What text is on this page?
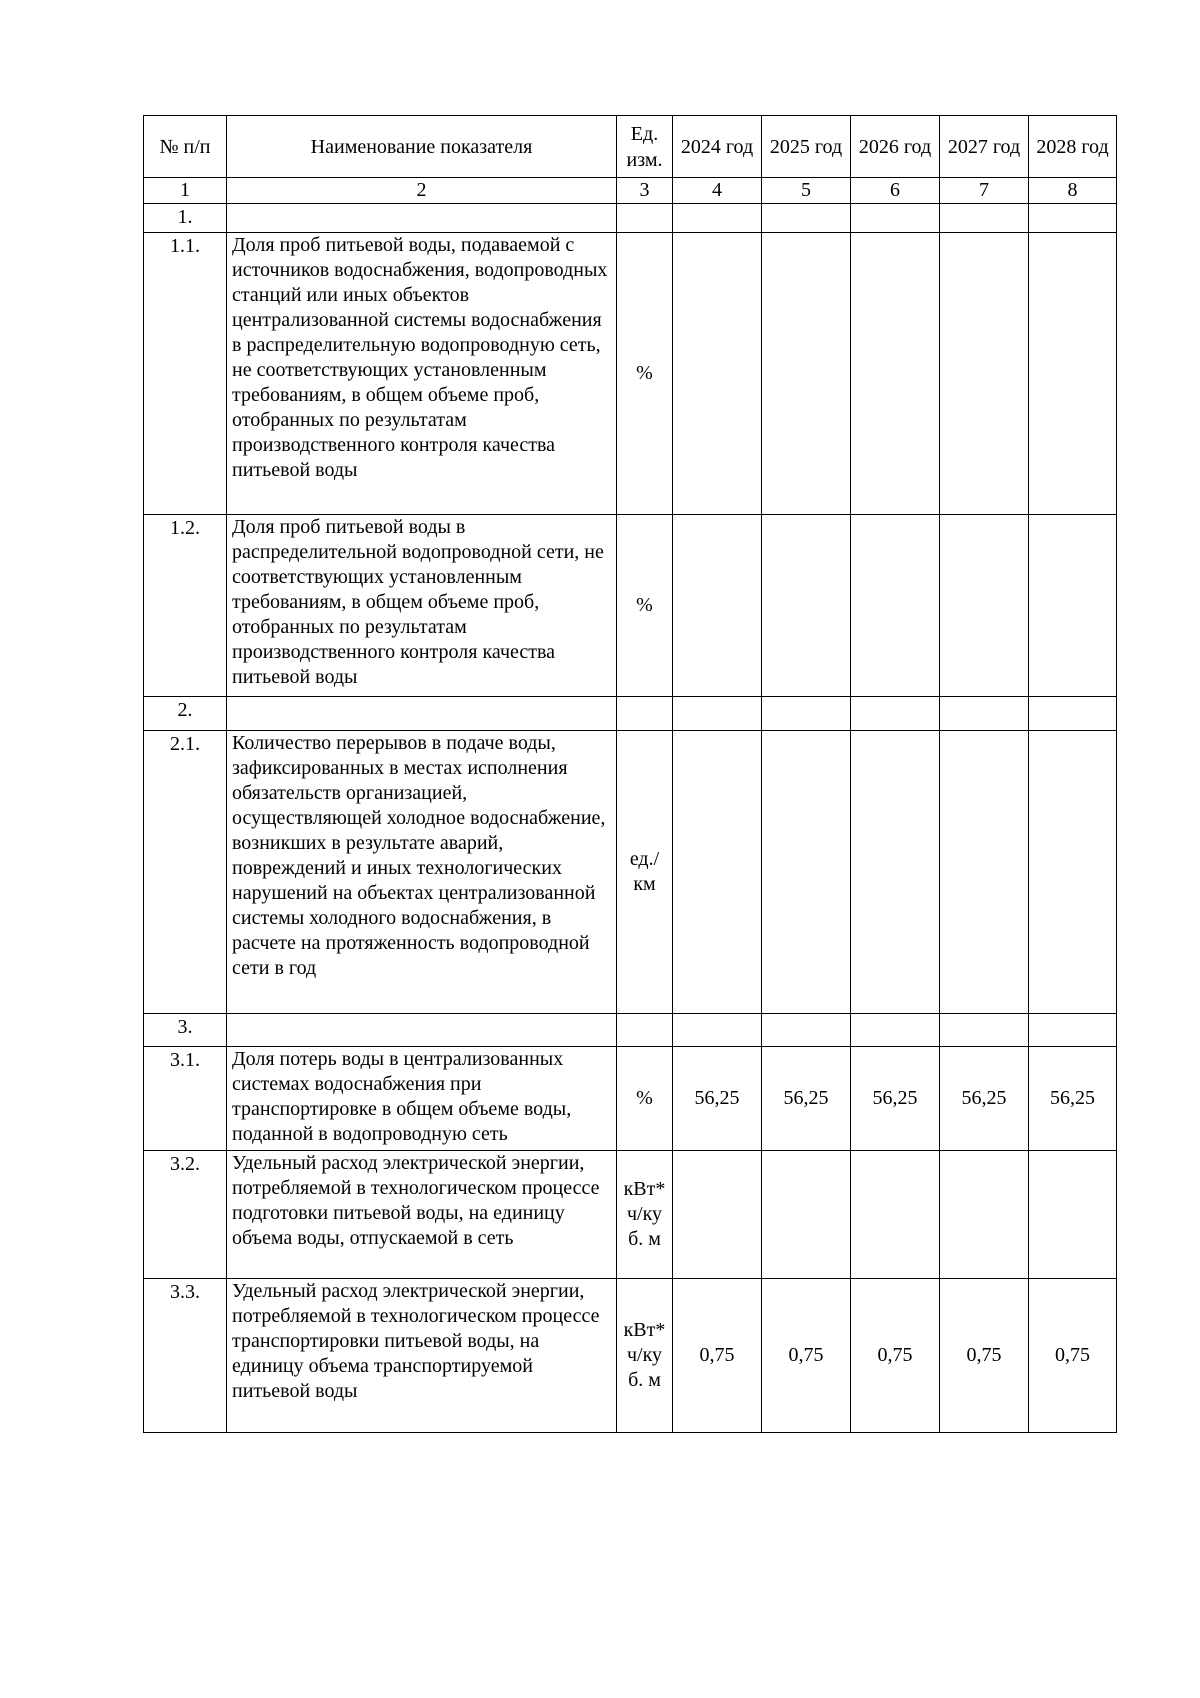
№ п/п	Наименование показателя	Ед. изм.	2024 год	2025 год	2026 год	2027 год	2028 год
1	2	3	4	5	6	7	8
1.							
1.1.	Доля проб питьевой воды, подаваемой с источников водоснабжения, водопроводных станций или иных объектов централизованной системы водоснабжения в распределительную водопроводную сеть, не соответствующих установленным требованиям, в общем объеме проб, отобранных по результатам производственного контроля качества питьевой воды	%					
1.2.	Доля проб питьевой воды в распределительной водопроводной сети, не соответствующих установленным требованиям, в общем объеме проб, отобранных по результатам производственного контроля качества питьевой воды	%					
2.							
2.1.	Количество перерывов в подаче воды, зафиксированных в местах исполнения обязательств организацией, осуществляющей холодное водоснабжение, возникших в результате аварий, повреждений и иных технологических нарушений на объектах централизованной системы холодного водоснабжения, в расчете на протяженность водопроводной сети в год	ед./ км					
3.							
3.1.	Доля потерь воды в централизованных системах водоснабжения при транспортировке в общем объеме воды, поданной в водопроводную сеть	%	56,25	56,25	56,25	56,25	56,25
3.2.	Удельный расход электрической энергии, потребляемой в технологическом процессе подготовки питьевой воды, на единицу объема воды, отпускаемой в сеть	кВт* ч/ку б. м					
3.3.	Удельный расход электрической энергии, потребляемой в технологическом процессе транспортировки питьевой воды, на единицу объема транспортируемой питьевой воды	кВт* ч/ку б. м	0,75	0,75	0,75	0,75	0,75
